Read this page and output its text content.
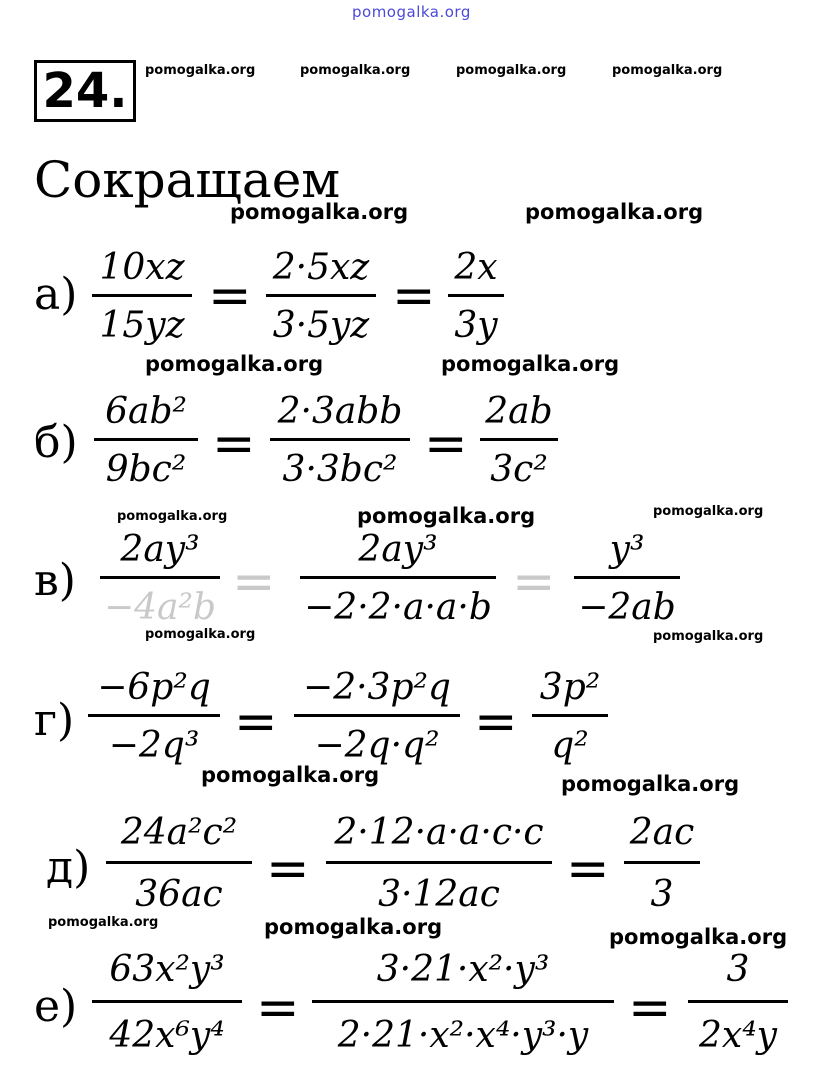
pomogalka.org
24.	pomogalka.org	pomogalka.org	pomogalka.org	pomogalka.org
Сокращаем
pomogalka.org	pomogalka.org
а)
10xz
15yz = 2·5xz
3·5yz = 2x
3y
pomogalka.org	pomogalka.org
б)
6ab²
9bc² =
2·3abb
3·3bc² =
2ab
3c²
pomogalka.org	pomogalka.org	pomogalka.org
в)
2ay³
−4a²b =
2ay³
−2·2·a·a·b =
y³
−2ab
pomogalka.org	pomogalka.org
г)
−6p²q
−2q³ =
−2·3p²q
−2q·q² =
3p²
q²
pomogalka.org	pomogalka.org
д)
24a²c²
36ac =
2·12·a·a·c·c
3·12ac	=
2ac
3
pomogalka.org	pomogalka.org	pomogalka.org
е)
63x²y³
42x⁶y⁴ =
3·21·x²·y³
2·21·x²·x⁴·y³·y =
3
2x⁴y
